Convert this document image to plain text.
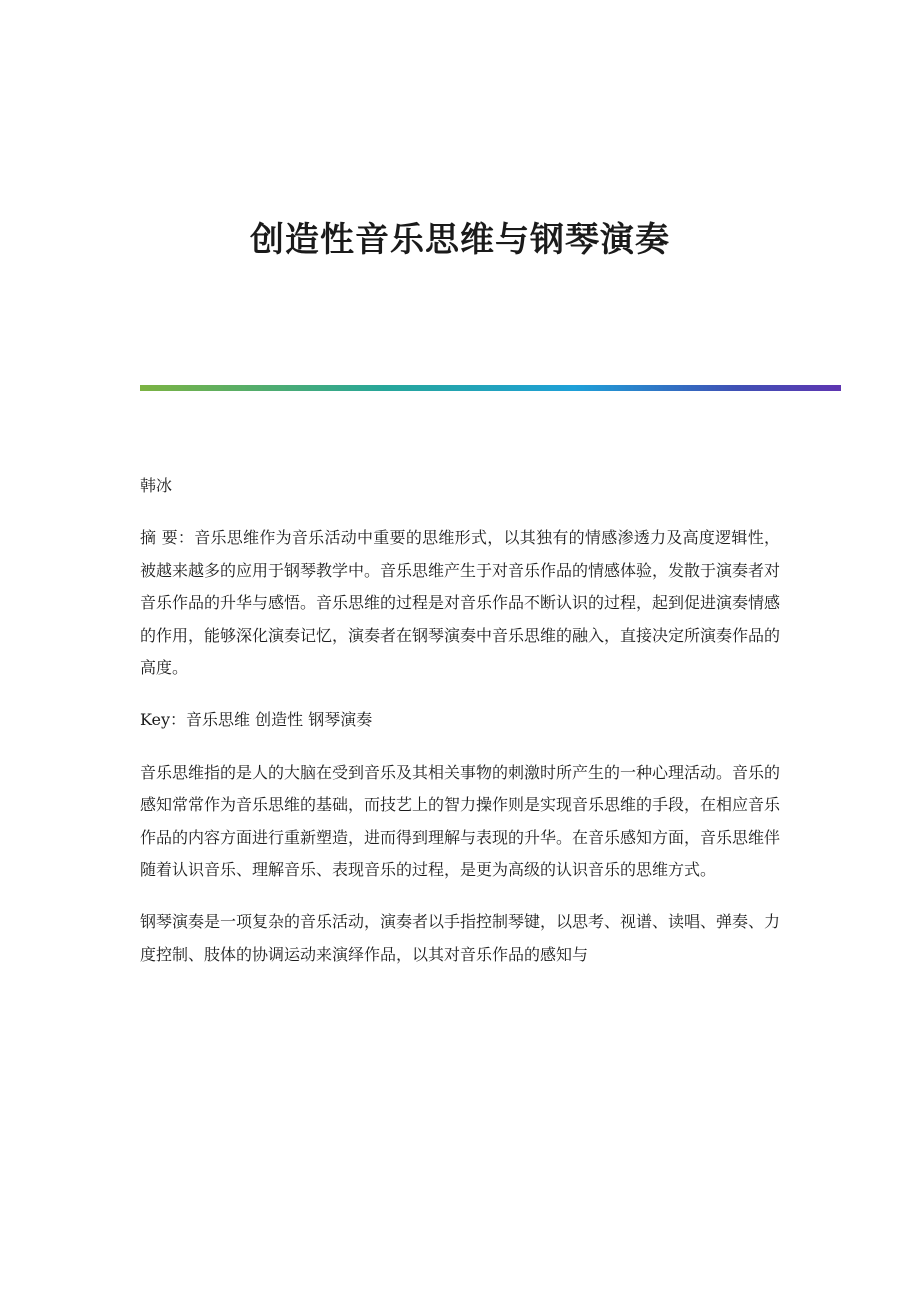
创造性音乐思维与钢琴演奏

韩冰

摘 要：音乐思维作为音乐活动中重要的思维形式，以其独有的情感渗透力及高度逻辑性， 被越来越多的应用于钢琴教学中。音乐思维产生于对音乐作品的情感体验，发散于演奏者对音乐作品的升华与感悟。音乐思维的过程是对音乐作品不断认识的过程，起到促进演奏情感的作用，能够深化演奏记忆，演奏者在钢琴演奏中音乐思维的融入，直接决定所演奏作品的高度。

Key：音乐思维 创造性 钢琴演奏

音乐思维指的是人的大脑在受到音乐及其相关事物的刺激时所产生的一种心理活动。音乐的感知常常作为音乐思维的基础，而技艺上的智力操作则是实现音乐思维的手段，在相应音乐作品的内容方面进行重新塑造，进而得到理解与表现的升华。在音乐感知方面，音乐思维伴随着认识音乐、理解音乐、表现音乐的过程，是更为高级的认识音乐的思维方式。

钢琴演奏是一项复杂的音乐活动，演奏者以手指控制琴键，以思考、视谱、读唱、弹奏、力度控制、肢体的协调运动来演绎作品，以其对音乐作品的感知与
